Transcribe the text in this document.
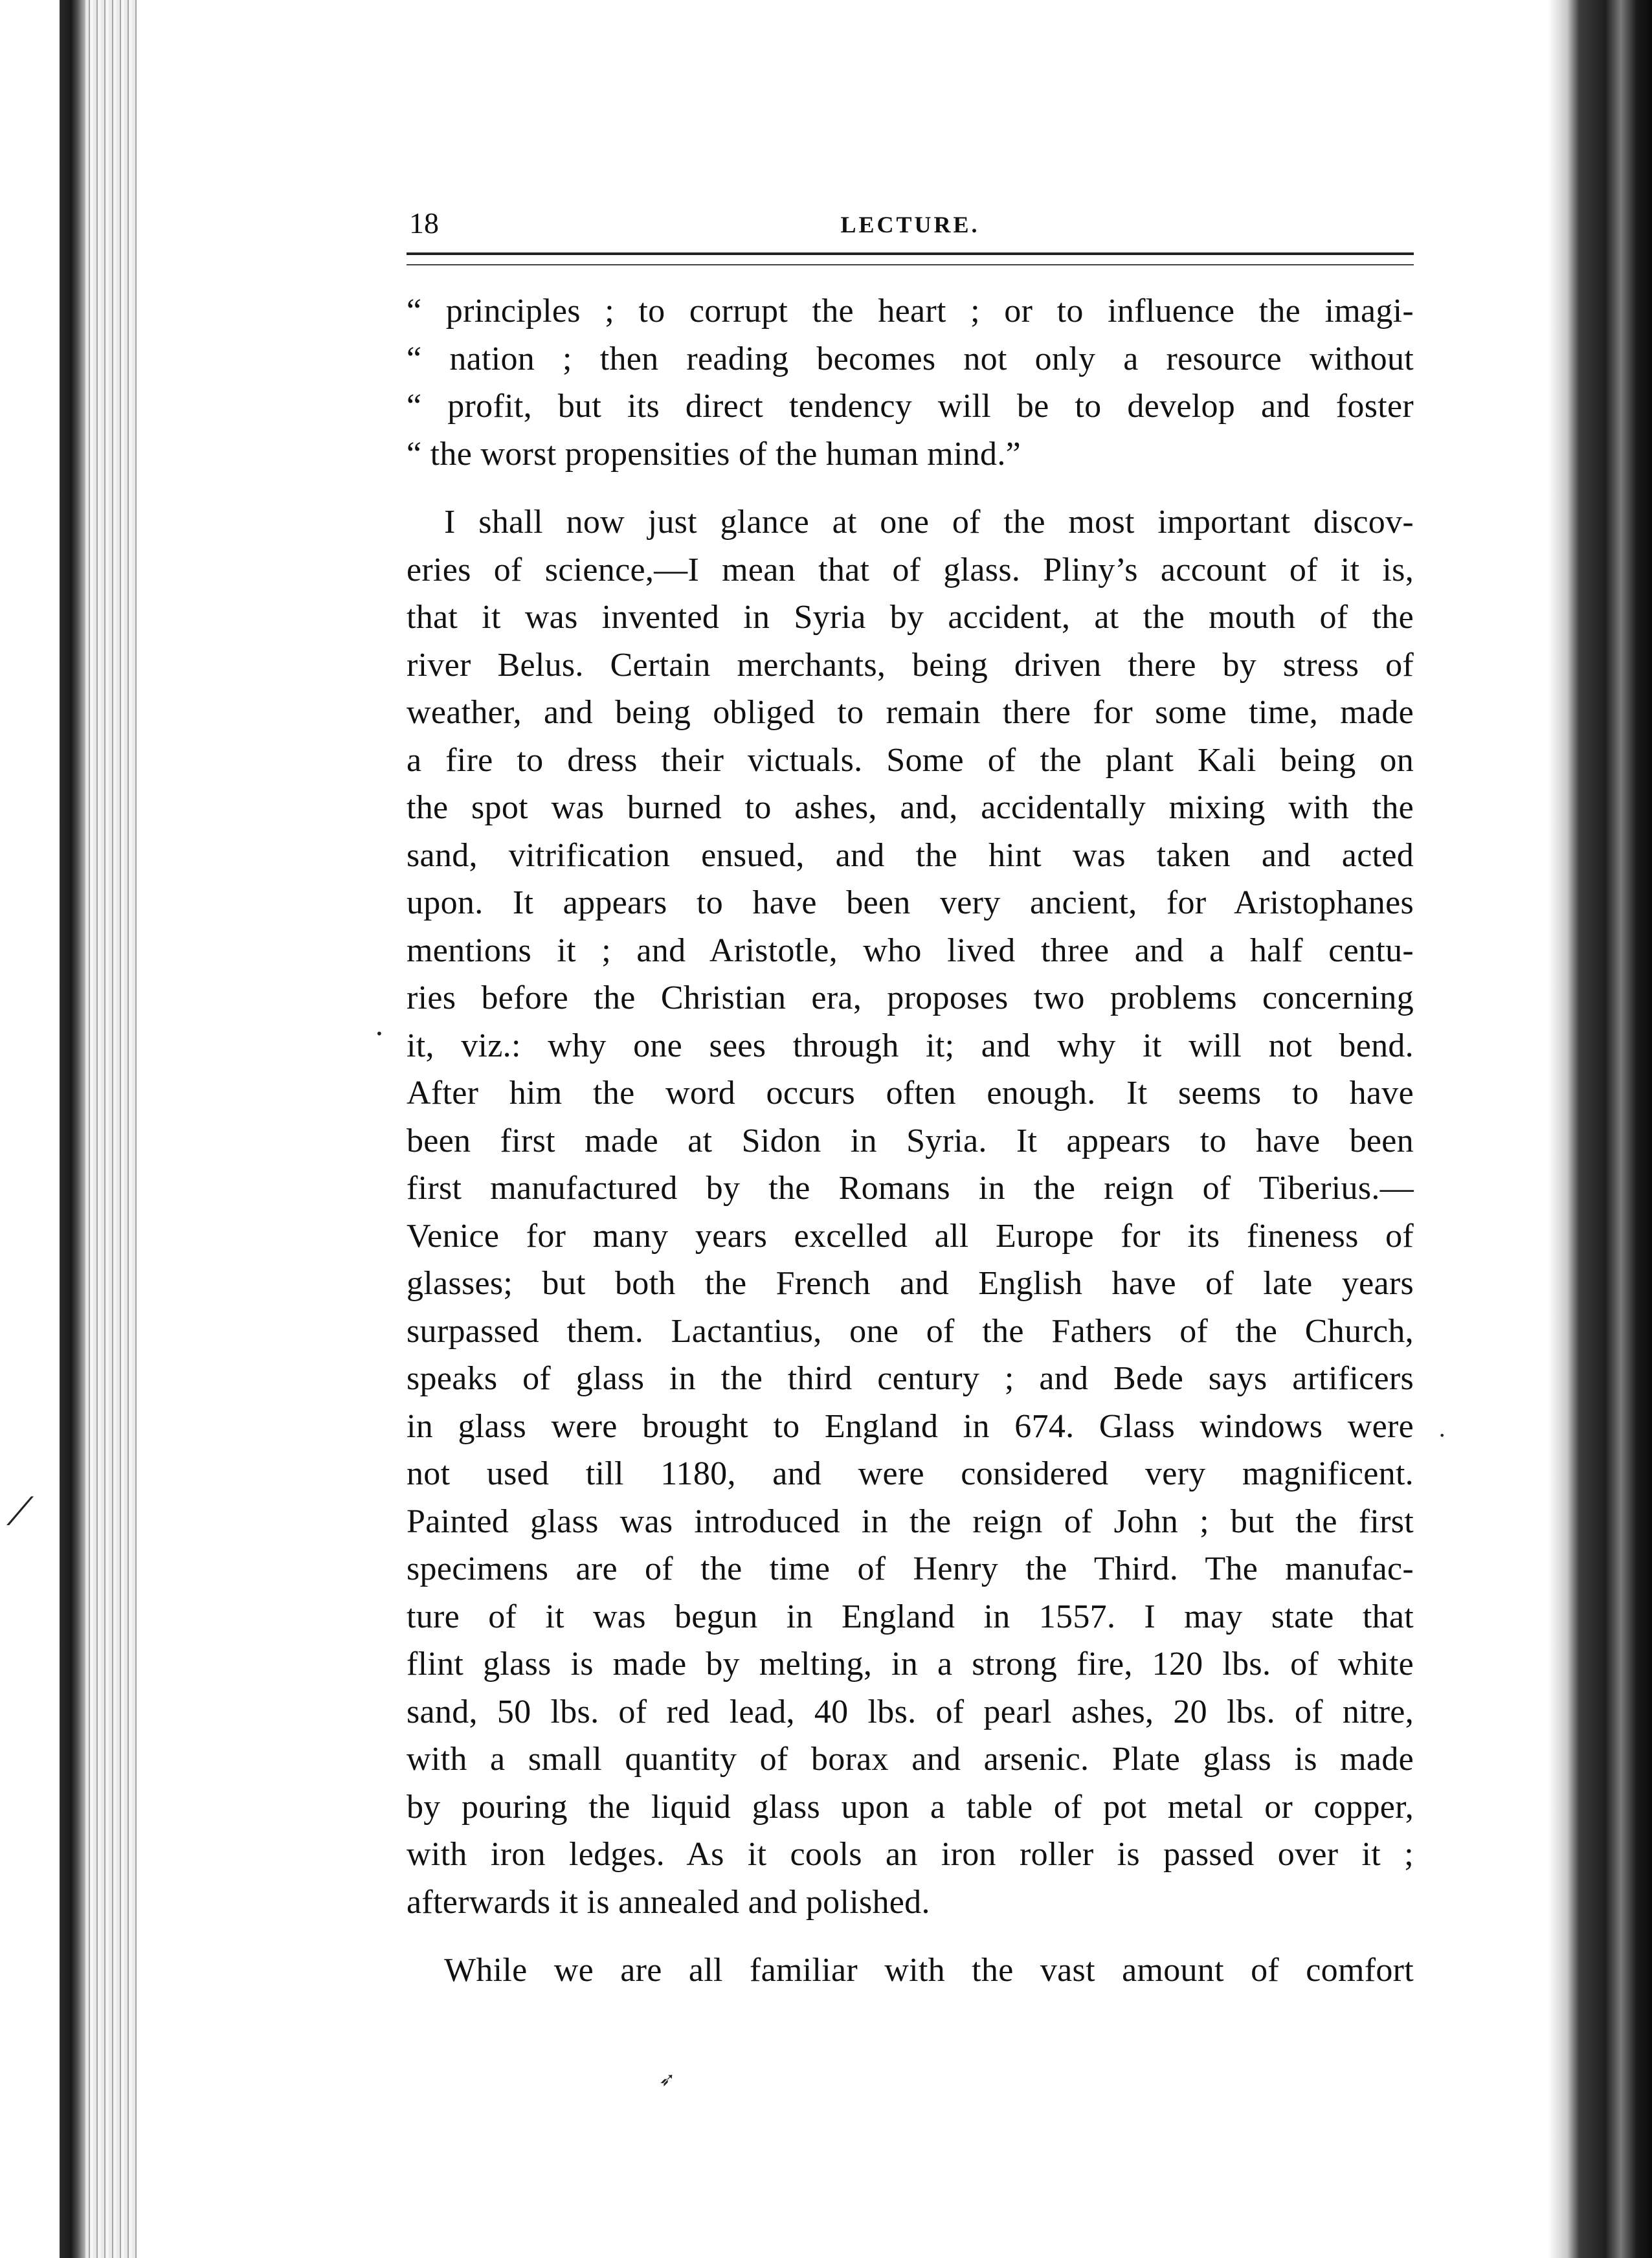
⟋
•
•
➶
18	LECTURE.

“ principles ; to corrupt the heart ; or to influence the imagi-
“ nation ; then reading becomes not only a resource without
“ profit, but its direct tendency will be to develop and foster
“ the worst propensities of the human mind.”

I shall now just glance at one of the most important discov-
eries of science,—I mean that of glass. Pliny’s account of it is,
that it was invented in Syria by accident, at the mouth of the
river Belus. Certain merchants, being driven there by stress of
weather, and being obliged to remain there for some time, made
a fire to dress their victuals. Some of the plant Kali being on
the spot was burned to ashes, and, accidentally mixing with the
sand, vitrification ensued, and the hint was taken and acted
upon. It appears to have been very ancient, for Aristophanes
mentions it ; and Aristotle, who lived three and a half centu-
ries before the Christian era, proposes two problems concerning
it, viz.: why one sees through it; and why it will not bend.
After him the word occurs often enough. It seems to have
been first made at Sidon in Syria. It appears to have been
first manufactured by the Romans in the reign of Tiberius.—
Venice for many years excelled all Europe for its fineness of
glasses; but both the French and English have of late years
surpassed them. Lactantius, one of the Fathers of the Church,
speaks of glass in the third century ; and Bede says artificers
in glass were brought to England in 674. Glass windows were
not used till 1180, and were considered very magnificent.
Painted glass was introduced in the reign of John ; but the first
specimens are of the time of Henry the Third. The manufac-
ture of it was begun in England in 1557. I may state that
flint glass is made by melting, in a strong fire, 120 lbs. of white
sand, 50 lbs. of red lead, 40 lbs. of pearl ashes, 20 lbs. of nitre,
with a small quantity of borax and arsenic. Plate glass is made
by pouring the liquid glass upon a table of pot metal or copper,
with iron ledges. As it cools an iron roller is passed over it ;
afterwards it is annealed and polished.

While we are all familiar with the vast amount of comfort
